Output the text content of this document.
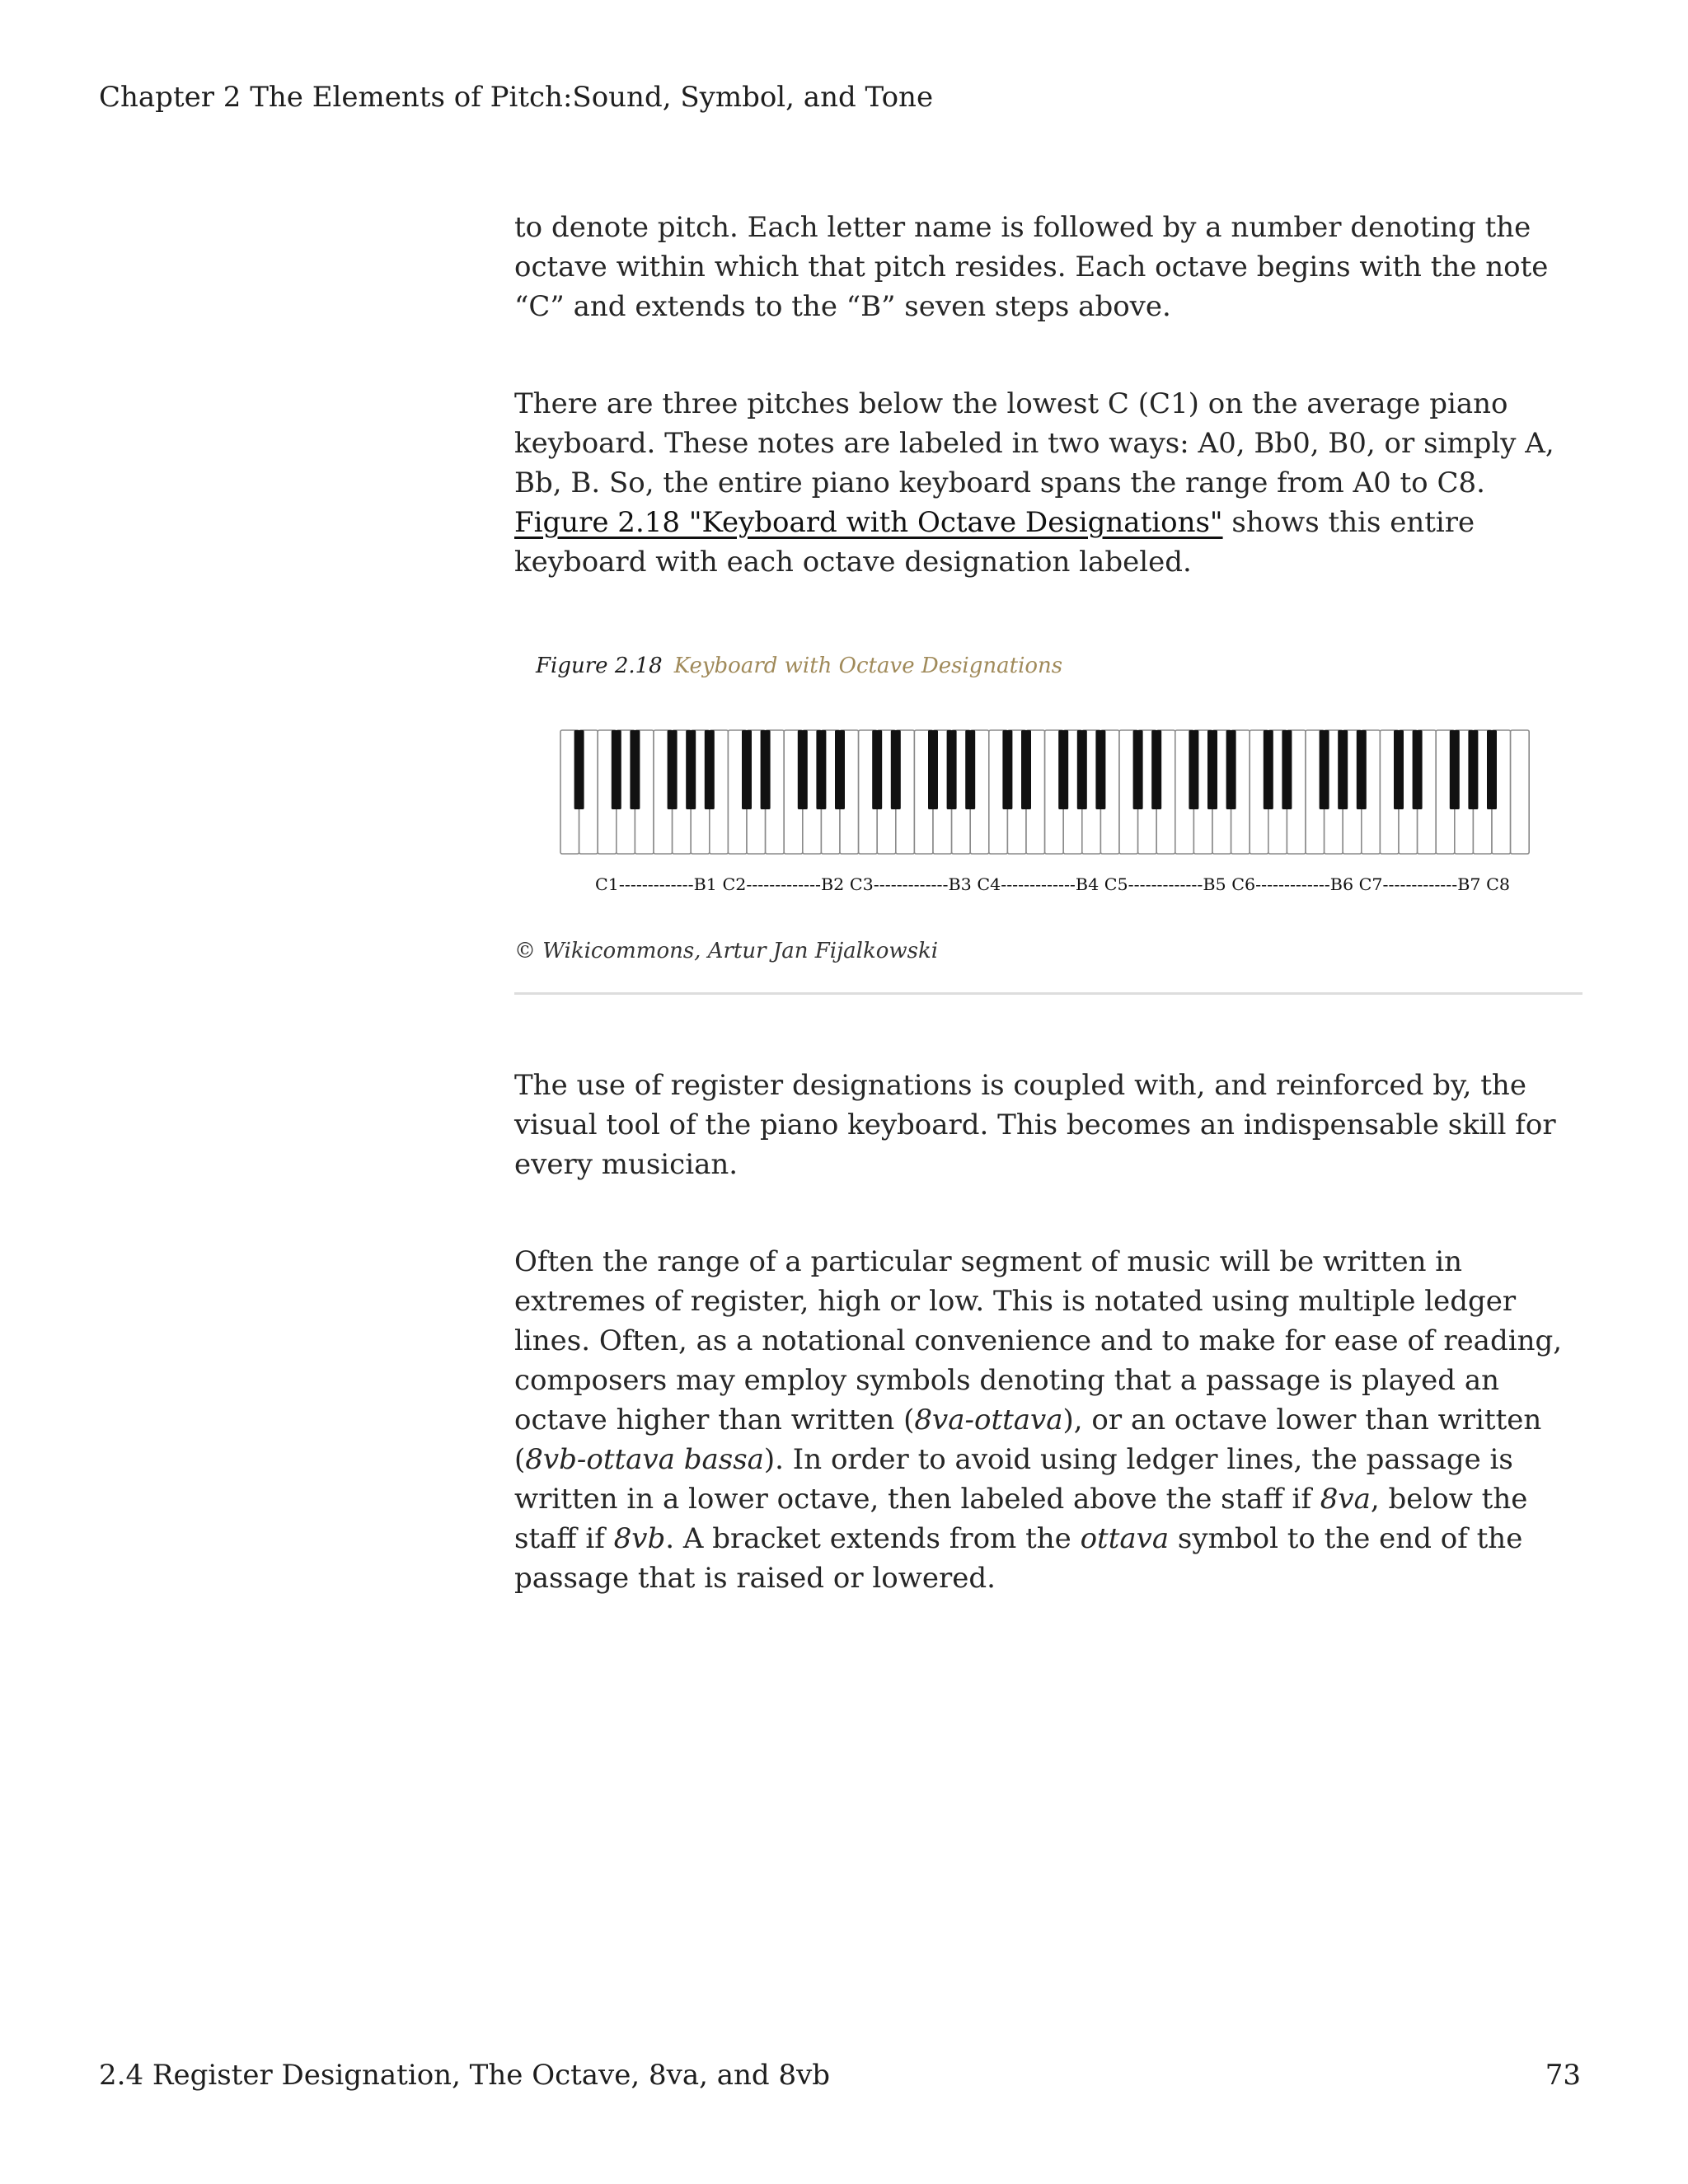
Chapter 2 The Elements of Pitch:Sound, Symbol, and Tone

to denote pitch. Each letter name is followed by a number denoting the octave within which that pitch resides. Each octave begins with the note “C” and extends to the “B” seven steps above.

There are three pitches below the lowest C (C1) on the average piano keyboard. These notes are labeled in two ways: A0, Bb0, B0, or simply A, Bb, B. So, the entire piano keyboard spans the range from A0 to C8. Figure 2.18 "Keyboard with Octave Designations" shows this entire keyboard with each octave designation labeled.

Figure 2.18 Keyboard with Octave Designations
C1-------------B1 C2-------------B2 C3-------------B3 C4-------------B4 C5-------------B5 C6-------------B6 C7-------------B7 C8
© Wikicommons, Artur Jan Fijalkowski

The use of register designations is coupled with, and reinforced by, the visual tool of the piano keyboard. This becomes an indispensable skill for every musician.

Often the range of a particular segment of music will be written in extremes of register, high or low. This is notated using multiple ledger lines. Often, as a notational convenience and to make for ease of reading, composers may employ symbols denoting that a passage is played an octave higher than written (8va-ottava), or an octave lower than written (8vb-ottava bassa). In order to avoid using ledger lines, the passage is written in a lower octave, then labeled above the staff if 8va, below the staff if 8vb. A bracket extends from the ottava symbol to the end of the passage that is raised or lowered.

2.4 Register Designation, The Octave, 8va, and 8vb	73
